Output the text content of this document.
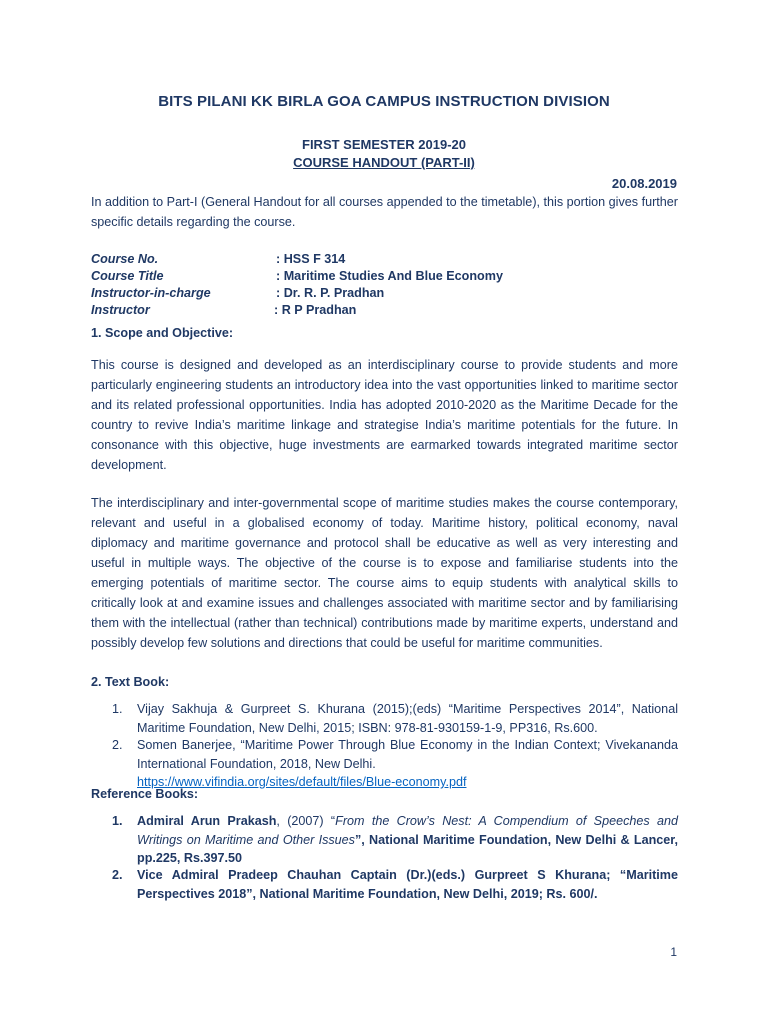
BITS PILANI KK BIRLA GOA CAMPUS INSTRUCTION DIVISION
FIRST SEMESTER 2019-20
COURSE HANDOUT (PART-II)
20.08.2019
In addition to Part-I (General Handout for all courses appended to the timetable), this portion gives further specific details regarding the course.
Course No.	: HSS F 314
Course Title	: Maritime Studies And Blue Economy
Instructor-in-charge	: Dr. R. P. Pradhan
Instructor	: R P Pradhan
1. Scope and Objective:
This course is designed and developed as an interdisciplinary course to provide students and more particularly engineering students an introductory idea into the vast opportunities linked to maritime sector and its related professional opportunities. India has adopted 2010-2020 as the Maritime Decade for the country to revive India’s maritime linkage and strategise India’s maritime potentials for the future. In consonance with this objective, huge investments are earmarked towards integrated maritime sector development.
The interdisciplinary and inter-governmental scope of maritime studies makes the course contemporary, relevant and useful in a globalised economy of today. Maritime history, political economy, naval diplomacy and maritime governance and protocol shall be educative as well as very interesting and useful in multiple ways. The objective of the course is to expose and familiarise students into the emerging potentials of maritime sector. The course aims to equip students with analytical skills to critically look at and examine issues and challenges associated with maritime sector and by familiarising them with the intellectual (rather than technical) contributions made by maritime experts, understand and possibly develop few solutions and directions that could be useful for maritime communities.
2. Text Book:
1. Vijay Sakhuja & Gurpreet S. Khurana (2015);(eds) “Maritime Perspectives 2014”, National Maritime Foundation, New Delhi, 2015; ISBN: 978-81-930159-1-9, PP316, Rs.600.
2. Somen Banerjee, “Maritime Power Through Blue Economy in the Indian Context; Vivekananda International Foundation, 2018, New Delhi.
https://www.vifindia.org/sites/default/files/Blue-economy.pdf
Reference Books:
1. Admiral Arun Prakash, (2007) “From the Crow’s Nest: A Compendium of Speeches and Writings on Maritime and Other Issues”, National Maritime Foundation, New Delhi & Lancer, pp.225, Rs.397.50
2. Vice Admiral Pradeep Chauhan Captain (Dr.)(eds.) Gurpreet S Khurana; “Maritime Perspectives 2018”, National Maritime Foundation, New Delhi, 2019; Rs. 600/.
1
